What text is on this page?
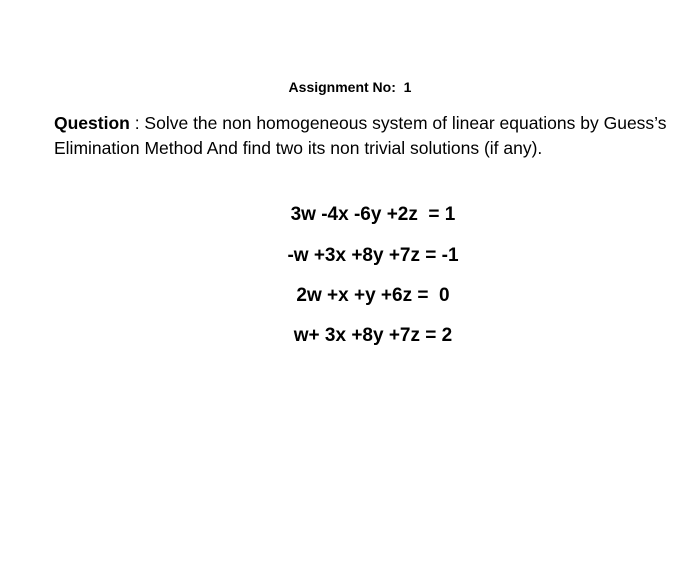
Assignment No:  1
Question : Solve the non homogeneous system of linear equations by Guess’s Elimination Method And find two its non trivial solutions (if any).
3w -4x -6y +2z  = 1
-w +3x +8y +7z = -1
2w +x +y +6z =  0
w+ 3x +8y +7z = 2
